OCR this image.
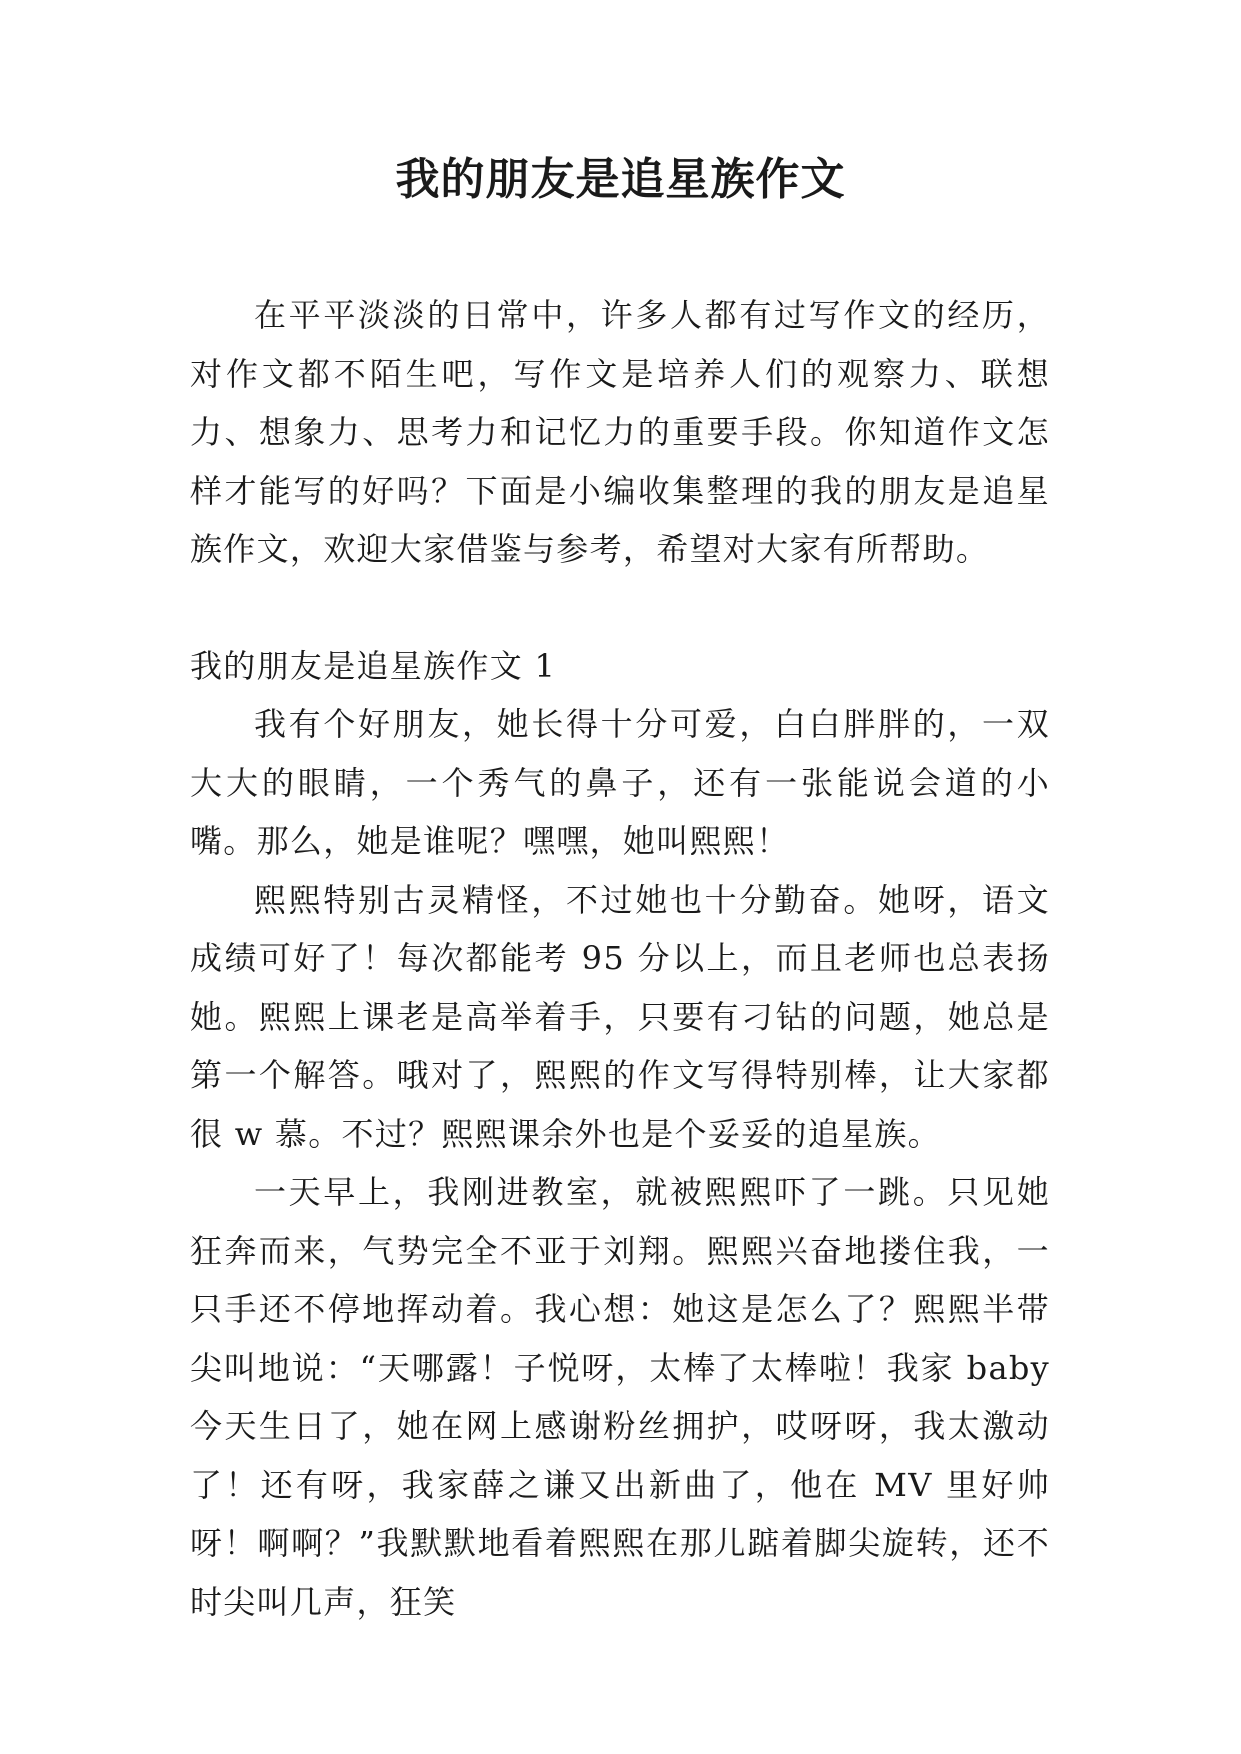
我的朋友是追星族作文

在平平淡淡的日常中，许多人都有过写作文的经历，对作文都不陌生吧，写作文是培养人们的观察力、联想力、想象力、思考力和记忆力的重要手段。你知道作文怎样才能写的好吗？下面是小编收集整理的我的朋友是追星族作文，欢迎大家借鉴与参考，希望对大家有所帮助。

我的朋友是追星族作文 1

我有个好朋友，她长得十分可爱，白白胖胖的，一双大大的眼睛，一个秀气的鼻子，还有一张能说会道的小嘴。那么，她是谁呢？嘿嘿，她叫熙熙！

熙熙特别古灵精怪，不过她也十分勤奋。她呀，语文成绩可好了！每次都能考 95 分以上，而且老师也总表扬她。熙熙上课老是高举着手，只要有刁钻的问题，她总是第一个解答。哦对了，熙熙的作文写得特别棒，让大家都很 w 慕。不过？熙熙课余外也是个妥妥的追星族。

一天早上，我刚进教室，就被熙熙吓了一跳。只见她狂奔而来，气势完全不亚于刘翔。熙熙兴奋地搂住我，一只手还不停地挥动着。我心想：她这是怎么了？熙熙半带尖叫地说：“天哪露！子悦呀，太棒了太棒啦！我家 baby 今天生日了，她在网上感谢粉丝拥护，哎呀呀，我太激动了！还有呀，我家薛之谦又出新曲了，他在 MV 里好帅呀！啊啊？”我默默地看着熙熙在那儿踮着脚尖旋转，还不时尖叫几声，狂笑
